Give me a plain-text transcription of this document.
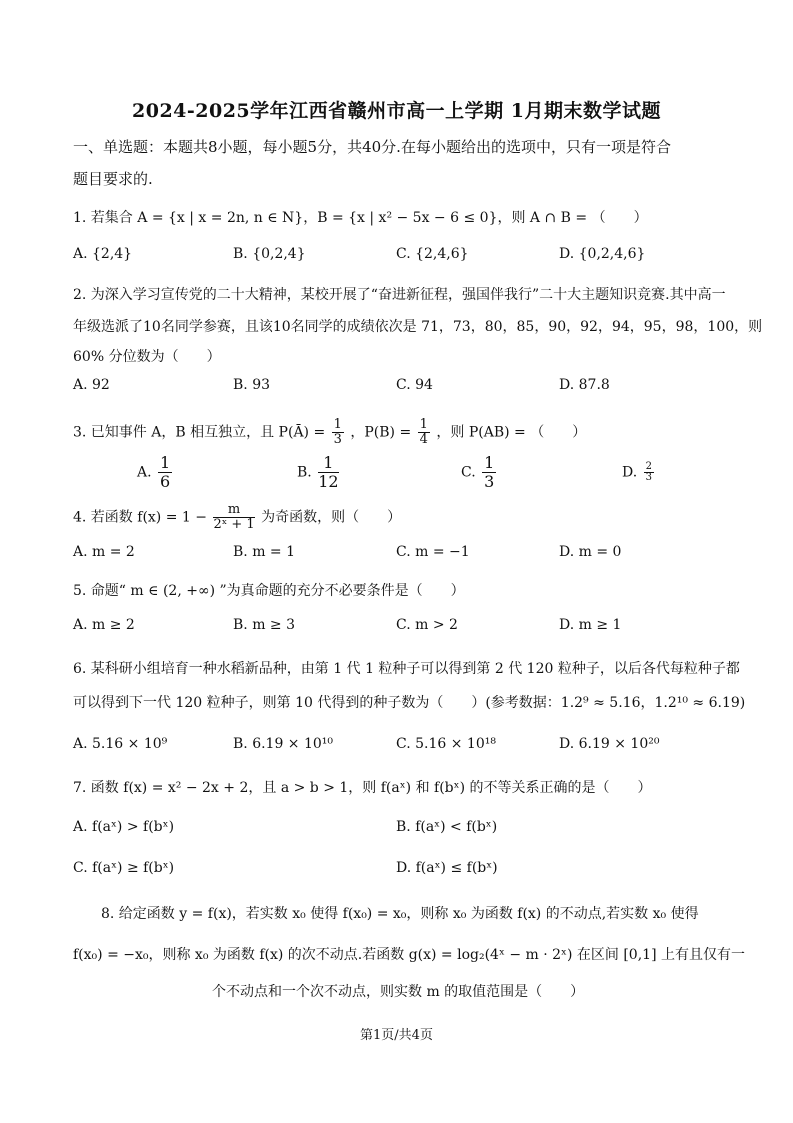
2024-2025学年江西省赣州市高一上学期 1月期末数学试题
一、单选题：本题共8小题，每小题5分，共40分.在每小题给出的选项中，只有一项是符合
题目要求的.
1. 若集合 A = {x | x = 2n, n ∈ N}，B = {x | x² − 5x − 6 ≤ 0}，则 A ∩ B = （　　）
A. {2,4}	B. {0,2,4}	C. {2,4,6}	D. {0,2,4,6}
2. 为深入学习宣传党的二十大精神，某校开展了“奋进新征程，强国伴我行”二十大主题知识竞赛.其中高一
年级选派了10名同学参赛，且该10名同学的成绩依次是 71，73，80，85，90，92，94，95，98，100，则
60% 分位数为（　　）
A. 92	B. 93	C. 94	D. 87.8
3. 已知事件 A，B 相互独立，且 P(Ā) = $\frac{1}{3}$ ，$P(B) = \frac{1}{4}$ ，则 P(AB) = （　　）
A. $\frac{1}{6}$	B. $\frac{1}{12}$	C. $\frac{1}{3}$	D. $\frac{2}{3}$
4. 若函数 $f(x) = 1 - \frac{m}{\text{2ˣ + 1}}$ 为奇函数，则（　　）
A. m = 2	B. m = 1	C. m = −1	D. m = 0
5. 命题“ m ∈ (2, +∞) ”为真命题的充分不必要条件是（　　）
A. m ≥ 2	B. m ≥ 3	C. m > 2	D. m ≥ 1
6. 某科研小组培育一种水稻新品种，由第 1 代 1 粒种子可以得到第 2 代 120 粒种子，以后各代每粒种子都
可以得到下一代 120 粒种子，则第 10 代得到的种子数为（　　）(参考数据：1.2⁹ ≈ 5.16，1.2¹⁰ ≈ 6.19)
A. 5.16 × 10⁹	B. 6.19 × 10¹⁰	C. 5.16 × 10¹⁸	D. 6.19 × 10²⁰
7. 函数 f(x) = x² − 2x + 2，且 a > b > 1，则 f(aˣ) 和 f(bˣ) 的不等关系正确的是（　　）
A. f(aˣ) > f(bˣ)	B. f(aˣ) < f(bˣ)
C. f(aˣ) ≥ f(bˣ)	D. f(aˣ) ≤ f(bˣ)
8. 给定函数 y = f(x)，若实数 x₀ 使得 f(x₀) = x₀，则称 x₀ 为函数 f(x) 的不动点,若实数 x₀ 使得
f(x₀) = −x₀，则称 x₀ 为函数 f(x) 的次不动点.若函数 g(x) = log₂(4ˣ − m · 2ˣ) 在区间 [0,1] 上有且仅有一
个不动点和一个次不动点，则实数 m 的取值范围是（　　）
第1页/共4页
